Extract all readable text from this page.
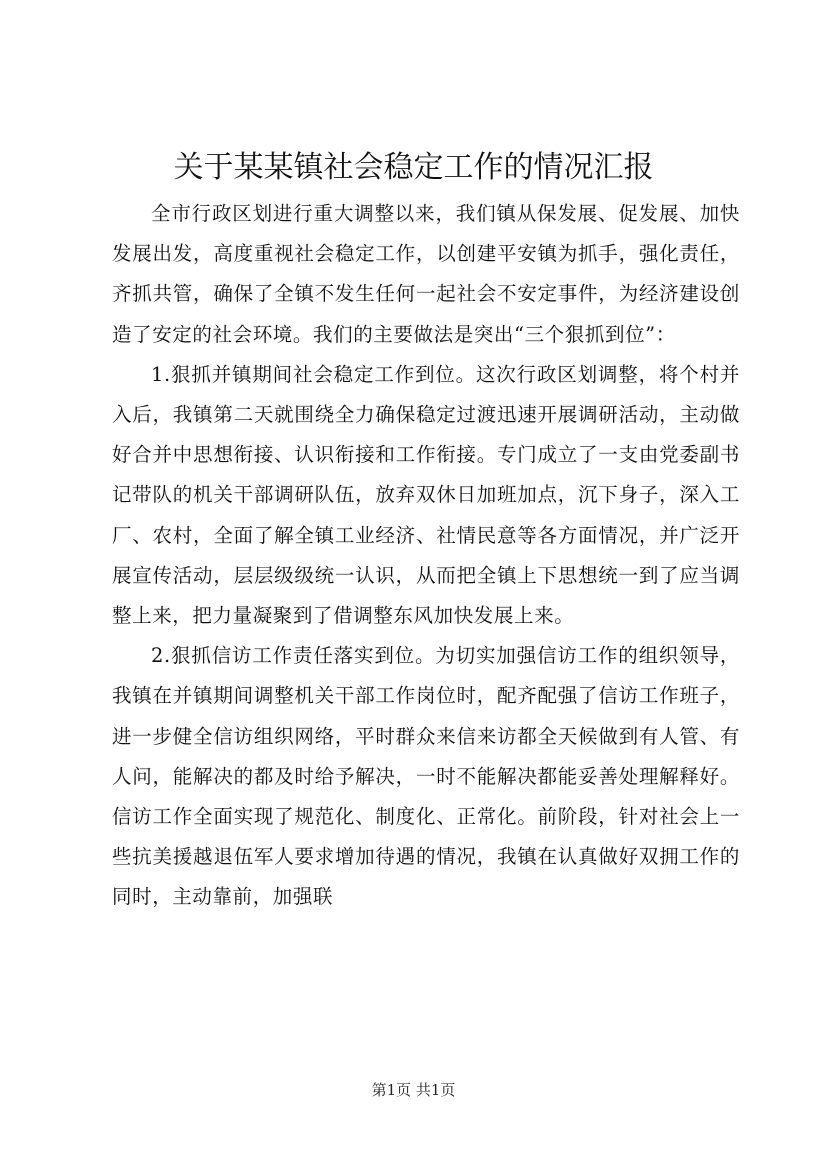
关于某某镇社会稳定工作的情况汇报

全市行政区划进行重大调整以来，我们镇从保发展、促发展、加快发展出发，高度重视社会稳定工作，以创建平安镇为抓手，强化责任，齐抓共管，确保了全镇不发生任何一起社会不安定事件，为经济建设创造了安定的社会环境。我们的主要做法是突出“三个狠抓到位”：

1.狠抓并镇期间社会稳定工作到位。这次行政区划调整，将个村并入后，我镇第二天就围绕全力确保稳定过渡迅速开展调研活动，主动做好合并中思想衔接、认识衔接和工作衔接。专门成立了一支由党委副书记带队的机关干部调研队伍，放弃双休日加班加点，沉下身子，深入工厂、农村，全面了解全镇工业经济、社情民意等各方面情况，并广泛开展宣传活动，层层级级统一认识，从而把全镇上下思想统一到了应当调整上来，把力量凝聚到了借调整东风加快发展上来。

2.狠抓信访工作责任落实到位。为切实加强信访工作的组织领导，我镇在并镇期间调整机关干部工作岗位时，配齐配强了信访工作班子，进一步健全信访组织网络，平时群众来信来访都全天候做到有人管、有人问，能解决的都及时给予解决，一时不能解决都能妥善处理解释好。信访工作全面实现了规范化、制度化、正常化。前阶段，针对社会上一些抗美援越退伍军人要求增加待遇的情况，我镇在认真做好双拥工作的同时，主动靠前，加强联

第1页 共1页
